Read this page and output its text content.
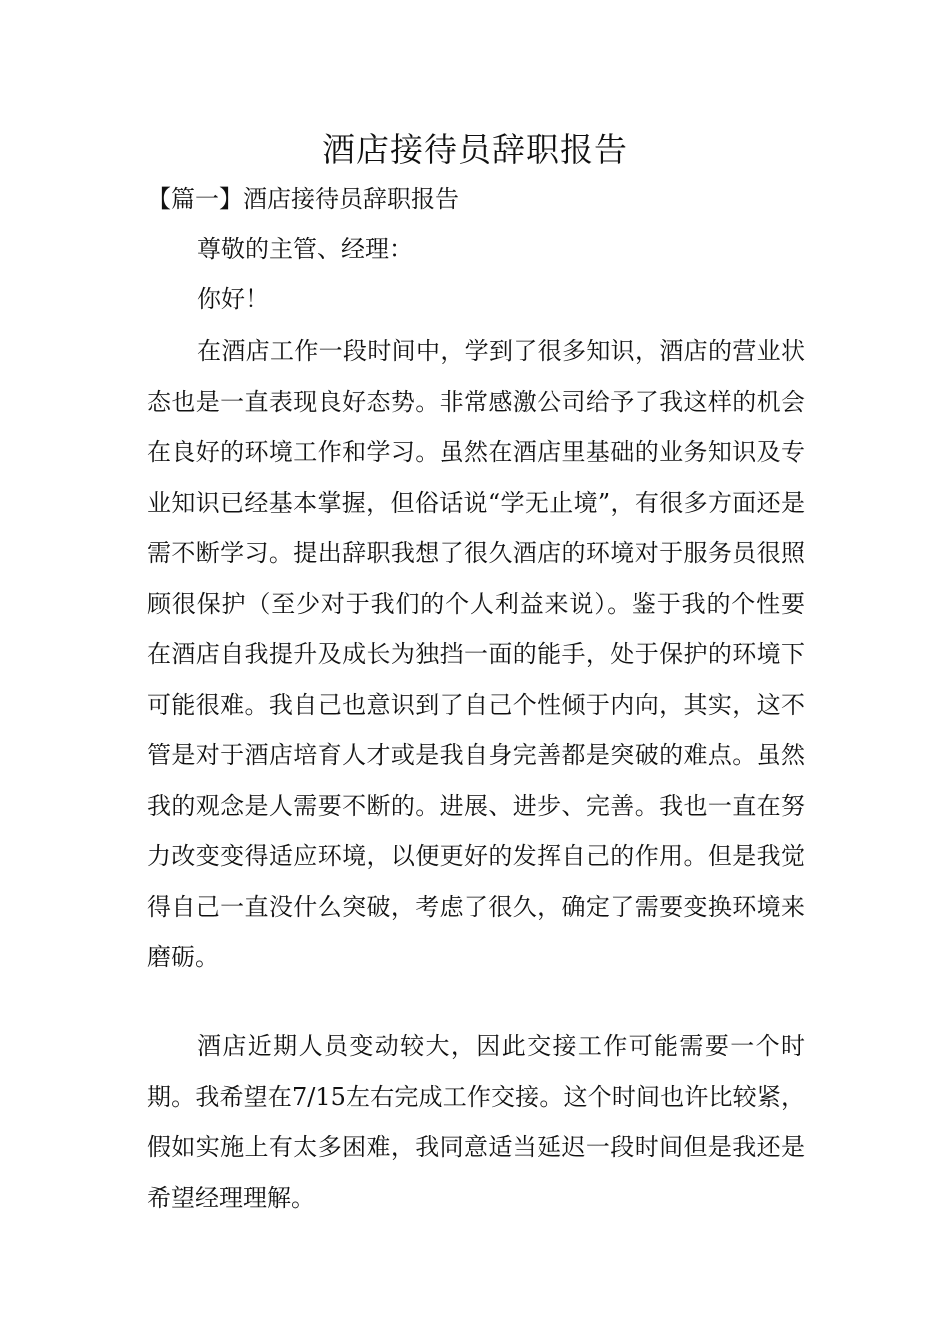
酒店接待员辞职报告

【篇一】酒店接待员辞职报告

尊敬的主管、经理：

你好！

在酒店工作一段时间中，学到了很多知识，酒店的营业状态也是一直表现良好态势。非常感激公司给予了我这样的机会在良好的环境工作和学习。虽然在酒店里基础的业务知识及专业知识已经基本掌握，但俗话说“学无止境”，有很多方面还是需不断学习。提出辞职我想了很久酒店的环境对于服务员很照顾很保护（至少对于我们的个人利益来说）。鉴于我的个性要在酒店自我提升及成长为独挡一面的能手，处于保护的环境下可能很难。我自己也意识到了自己个性倾于内向，其实，这不管是对于酒店培育人才或是我自身完善都是突破的难点。虽然我的观念是人需要不断的。进展、进步、完善。我也一直在努力改变变得适应环境，以便更好的发挥自己的作用。但是我觉得自己一直没什么突破，考虑了很久，确定了需要变换环境来磨砺。

酒店近期人员变动较大，因此交接工作可能需要一个时期。我希望在7/15左右完成工作交接。这个时间也许比较紧，假如实施上有太多困难，我同意适当延迟一段时间但是我还是希望经理理解。
